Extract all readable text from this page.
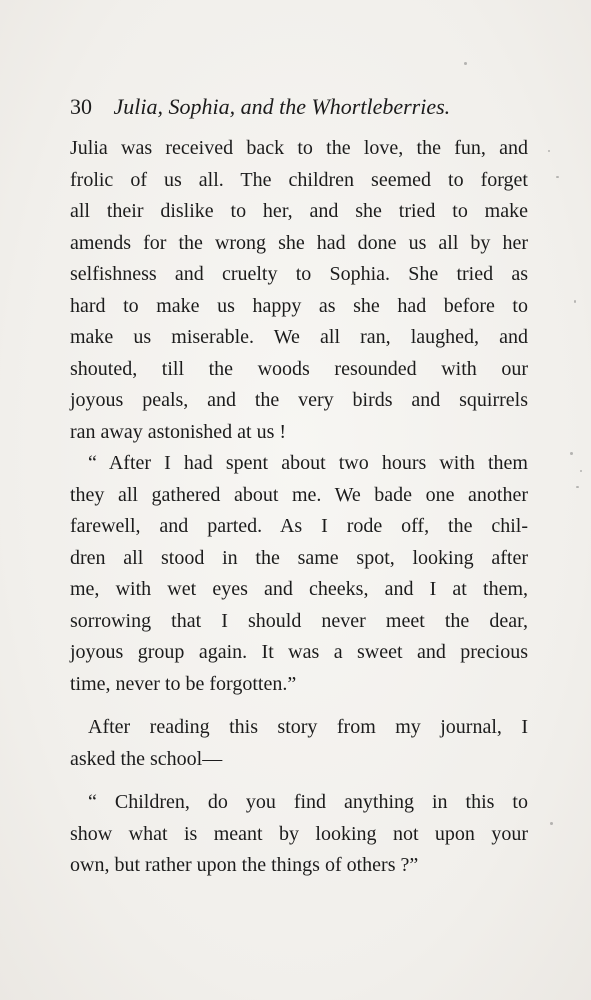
30 Julia, Sophia, and the Whortleberries.
Julia was received back to the love, the fun, and
frolic of us all. The children seemed to forget
all their dislike to her, and she tried to make
amends for the wrong she had done us all by her
selfishness and cruelty to Sophia. She tried as
hard to make us happy as she had before to
make us miserable. We all ran, laughed, and
shouted, till the woods resounded with our
joyous peals, and the very birds and squirrels
ran away astonished at us !
“ After I had spent about two hours with them
they all gathered about me. We bade one another
farewell, and parted. As I rode off, the chil-
dren all stood in the same spot, looking after
me, with wet eyes and cheeks, and I at them,
sorrowing that I should never meet the dear,
joyous group again. It was a sweet and precious
time, never to be forgotten.”
After reading this story from my journal, I
asked the school—
“ Children, do you find anything in this to
show what is meant by looking not upon your
own, but rather upon the things of others ?”
